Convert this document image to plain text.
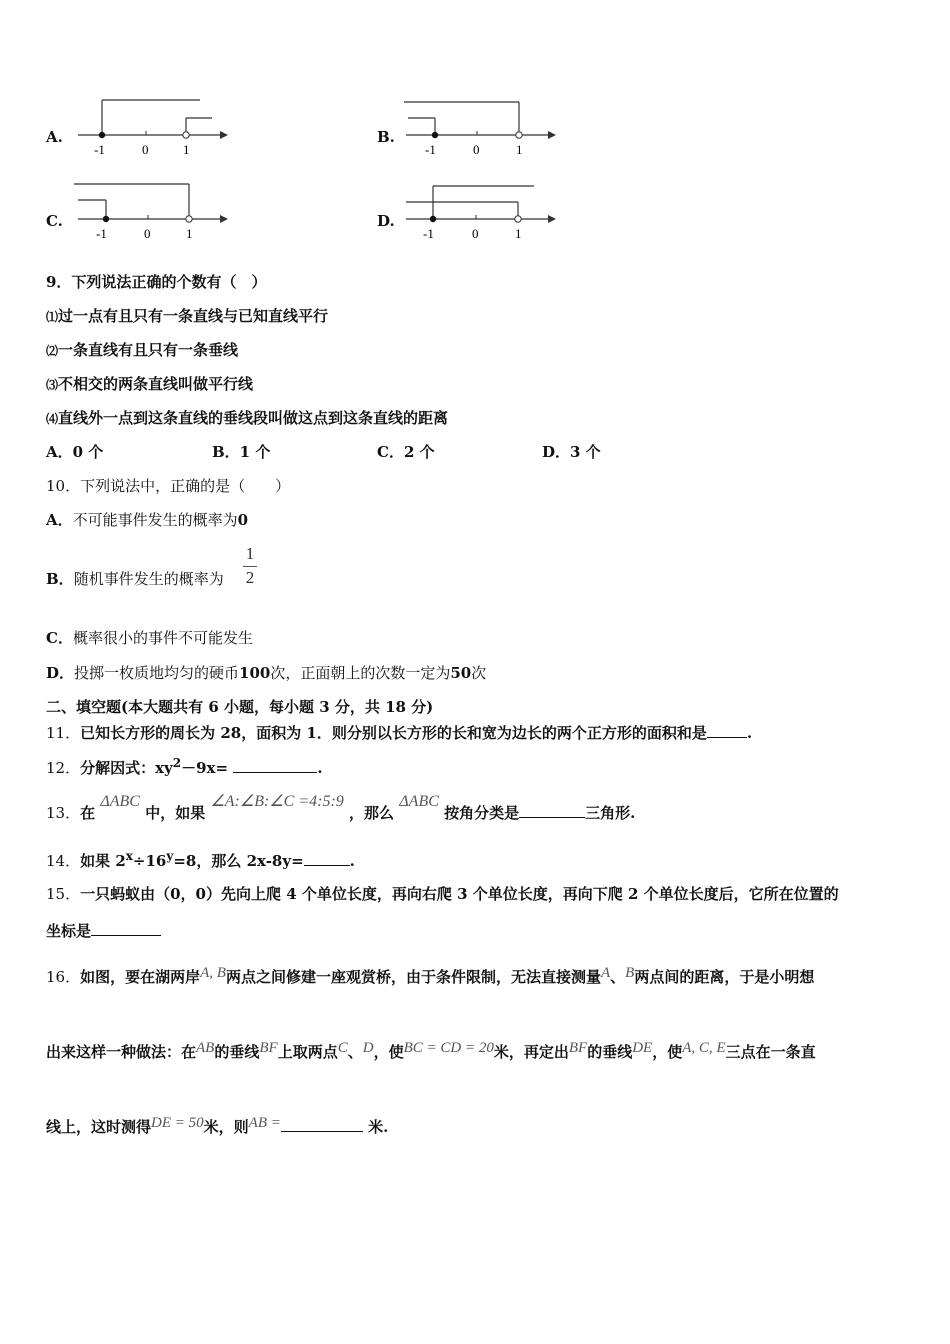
A.
-1	0	1
B.
-1	0	1
C.
-1	0	1
D.
-1	0	1
9．下列说法正确的个数有（　）
⑴过一点有且只有一条直线与已知直线平行
⑵一条直线有且只有一条垂线
⑶不相交的两条直线叫做平行线
⑷直线外一点到这条直线的垂线段叫做这点到这条直线的距离
A．0 个	B．1 个	C．2 个	D．3 个
10．下列说法中，正确的是（　　）
A．不可能事件发生的概率为0
B．随机事件发生的概率为
1
2
C．概率很小的事件不可能发生
D．投掷一枚质地均匀的硬币100次，正面朝上的次数一定为50次
二、填空题(本大题共有 6 小题，每小题 3 分，共 18 分)
11．已知长方形的周长为 28，面积为 1．则分别以长方形的长和宽为边长的两个正方形的面积和是	.
12．分解因式：$xy^2-9x=$	.
13．在 ΔABC 中，如果 ∠A:∠B:∠C =4:5:9 ，那么 ΔABC 按角分类是	三角形.
14．如果 $2^x\div 16^y=8$，那么 2x-8y=	.
15．一只蚂蚁由（0，0）先向上爬 4 个单位长度，再向右爬 3 个单位长度，再向下爬 2 个单位长度后，它所在位置的
坐标是
16．如图，要在湖两岸A, B两点之间修建一座观赏桥，由于条件限制，无法直接测量A、B两点间的距离，于是小明想
出来这样一种做法：在AB的垂线BF上取两点C、D，使BC = CD = 20米，再定出BF的垂线DE，使A, C, E三点在一条直
线上，这时测得DE = 50米，则AB =	米.
